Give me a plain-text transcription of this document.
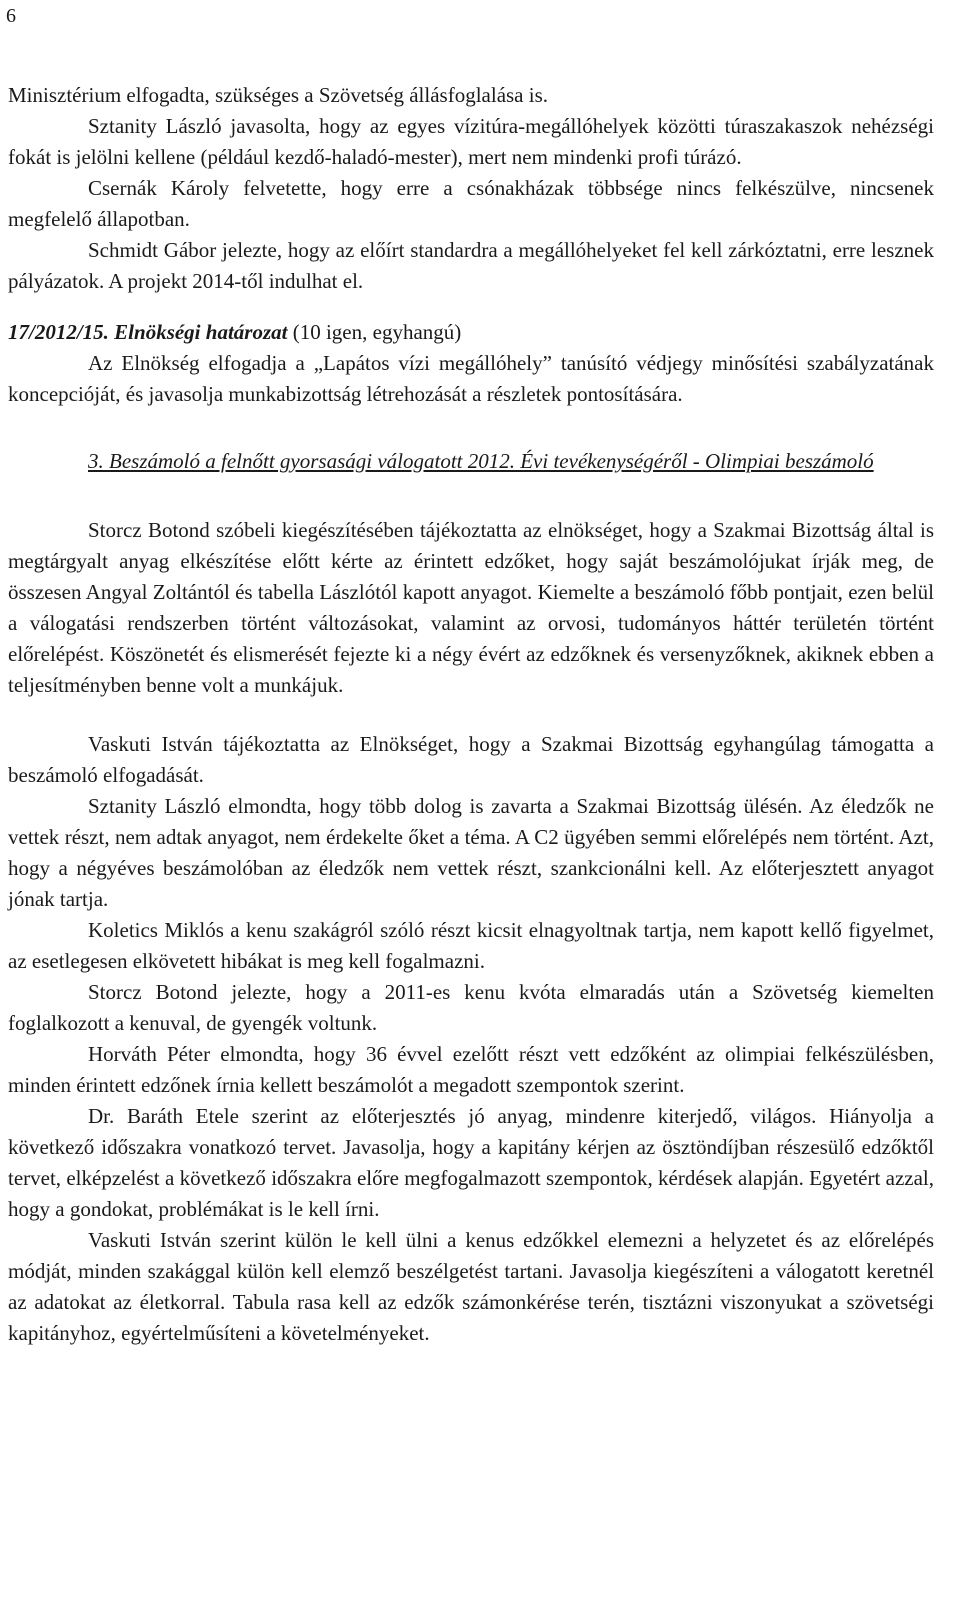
6

Minisztérium elfogadta, szükséges a Szövetség állásfoglalása is.

Sztanity László javasolta, hogy az egyes vízitúra-megállóhelyek közötti túraszakaszok nehézségi fokát is jelölni kellene (például kezdő-haladó-mester), mert nem mindenki profi túrázó.

Csernák Károly felvetette, hogy erre a csónakházak többsége nincs felkészülve, nincsenek megfelelő állapotban.

Schmidt Gábor jelezte, hogy az előírt standardra a megállóhelyeket fel kell zárkóztatni, erre lesznek pályázatok. A projekt 2014-től indulhat el.

17/2012/15. Elnökségi határozat (10 igen, egyhangú)

Az Elnökség elfogadja a „Lapátos vízi megállóhely” tanúsító védjegy minősítési szabályzatának koncepcióját, és javasolja munkabizottság létrehozását a részletek pontosítására.

3. Beszámoló a felnőtt gyorsasági válogatott 2012. Évi tevékenységéről - Olimpiai beszámoló

Storcz Botond szóbeli kiegészítésében tájékoztatta az elnökséget, hogy a Szakmai Bizottság által is megtárgyalt anyag elkészítése előtt kérte az érintett edzőket, hogy saját beszámolójukat írják meg, de összesen Angyal Zoltántól és tabella Lászlótól kapott anyagot. Kiemelte a beszámoló főbb pontjait, ezen belül a válogatási rendszerben történt változásokat, valamint az orvosi, tudományos háttér területén történt előrelépést. Köszönetét és elismerését fejezte ki a négy évért az edzőknek és versenyzőknek, akiknek ebben a teljesítményben benne volt a munkájuk.

Vaskuti István tájékoztatta az Elnökséget, hogy a Szakmai Bizottság egyhangúlag támogatta a beszámoló elfogadását.

Sztanity László elmondta, hogy több dolog is zavarta a Szakmai Bizottság ülésén. Az éledzők ne vettek részt, nem adtak anyagot, nem érdekelte őket a téma. A C2 ügyében semmi előrelépés nem történt. Azt, hogy a négyéves beszámolóban az éledzők nem vettek részt, szankcionálni kell. Az előterjesztett anyagot jónak tartja.

Koletics Miklós a kenu szakágról szóló részt kicsit elnagyoltnak tartja, nem kapott kellő figyelmet, az esetlegesen elkövetett hibákat is meg kell fogalmazni.

Storcz Botond jelezte, hogy a 2011-es kenu kvóta elmaradás után a Szövetség kiemelten foglalkozott a kenuval, de gyengék voltunk.

Horváth Péter elmondta, hogy 36 évvel ezelőtt részt vett edzőként az olimpiai felkészülésben, minden érintett edzőnek írnia kellett beszámolót a megadott szempontok szerint.

Dr. Baráth Etele szerint az előterjesztés jó anyag, mindenre kiterjedő, világos. Hiányolja a következő időszakra vonatkozó tervet. Javasolja, hogy a kapitány kérjen az ösztöndíjban részesülő edzőktől tervet, elképzelést a következő időszakra előre megfogalmazott szempontok, kérdések alapján. Egyetért azzal, hogy a gondokat, problémákat is le kell írni.

Vaskuti István szerint külön le kell ülni a kenus edzőkkel elemezni a helyzetet és az előrelépés módját, minden szakággal külön kell elemző beszélgetést tartani. Javasolja kiegészíteni a válogatott keretnél az adatokat az életkorral. Tabula rasa kell az edzők számonkérése terén, tisztázni viszonyukat a szövetségi kapitányhoz, egyértelműsíteni a követelményeket.
